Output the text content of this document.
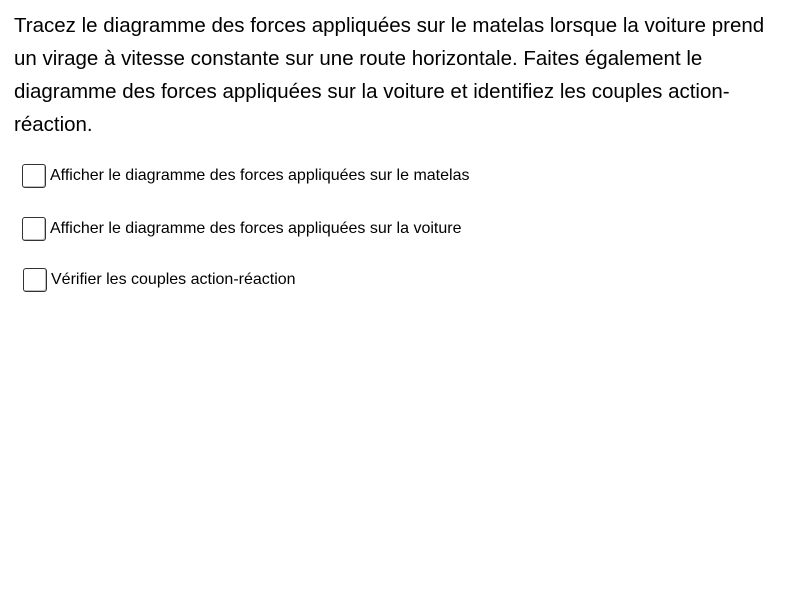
Tracez le diagramme des forces appliquées sur le matelas lorsque la voiture prend un virage à vitesse constante sur une route horizontale. Faites également le diagramme des forces appliquées sur la voiture et identifiez les couples action-réaction.

Afficher le diagramme des forces appliquées sur le matelas
Afficher le diagramme des forces appliquées sur la voiture
Vérifier les couples action-réaction
